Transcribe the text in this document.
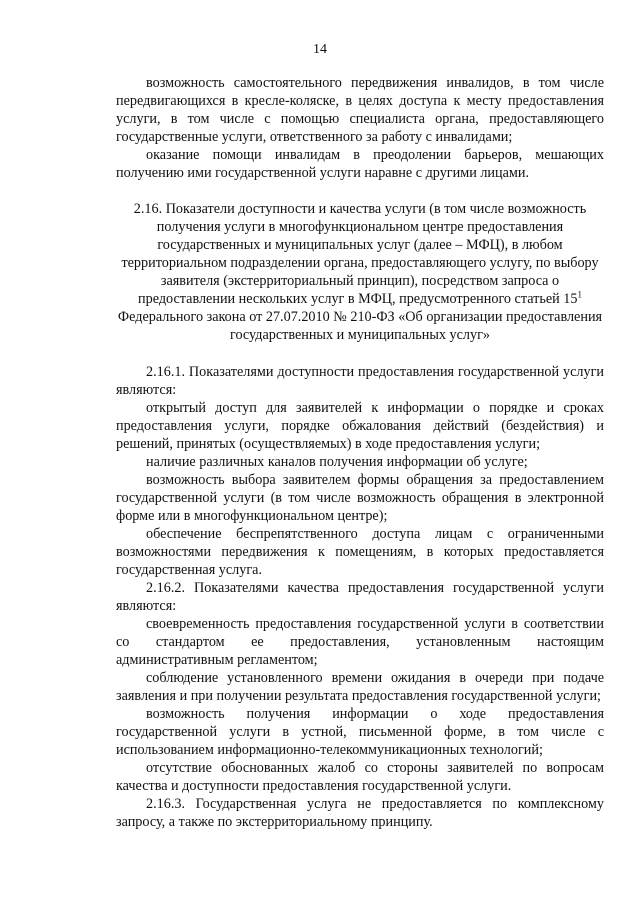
14

возможность самостоятельного передвижения инвалидов, в том числе передвигающихся в кресле-коляске, в целях доступа к месту предоставления услуги, в том числе с помощью специалиста органа, предоставляющего государственные услуги, ответственного за работу с инвалидами;

оказание помощи инвалидам в преодолении барьеров, мешающих получению ими государственной услуги наравне с другими лицами.

2.16. Показатели доступности и качества услуги (в том числе возможность получения услуги в многофункциональном центре предоставления государственных и муниципальных услуг (далее – МФЦ), в любом территориальном подразделении органа, предоставляющего услугу, по выбору заявителя (экстерриториальный принцип), посредством запроса о предоставлении нескольких услуг в МФЦ, предусмотренного статьей $15^1$ Федерального закона от 27.07.2010 № 210-ФЗ «Об организации предоставления государственных и муниципальных услуг»

2.16.1. Показателями доступности предоставления государственной услуги являются:

открытый доступ для заявителей к информации о порядке и сроках предоставления услуги, порядке обжалования действий (бездействия) и решений, принятых (осуществляемых) в ходе предоставления услуги;

наличие различных каналов получения информации об услуге;

возможность выбора заявителем формы обращения за предоставлением государственной услуги (в том числе возможность обращения в электронной форме или в многофункциональном центре);

обеспечение беспрепятственного доступа лицам с ограниченными возможностями передвижения к помещениям, в которых предоставляется государственная услуга.

2.16.2. Показателями качества предоставления государственной услуги являются:

своевременность предоставления государственной услуги в соответствии со стандартом ее предоставления, установленным настоящим административным регламентом;

соблюдение установленного времени ожидания в очереди при подаче заявления и при получении результата предоставления государственной услуги;

возможность получения информации о ходе предоставления государственной услуги в устной, письменной форме, в том числе с использованием информационно-телекоммуникационных технологий;

отсутствие обоснованных жалоб со стороны заявителей по вопросам качества и доступности предоставления государственной услуги.

2.16.3. Государственная услуга не предоставляется по комплексному запросу, а также по экстерриториальному принципу.
